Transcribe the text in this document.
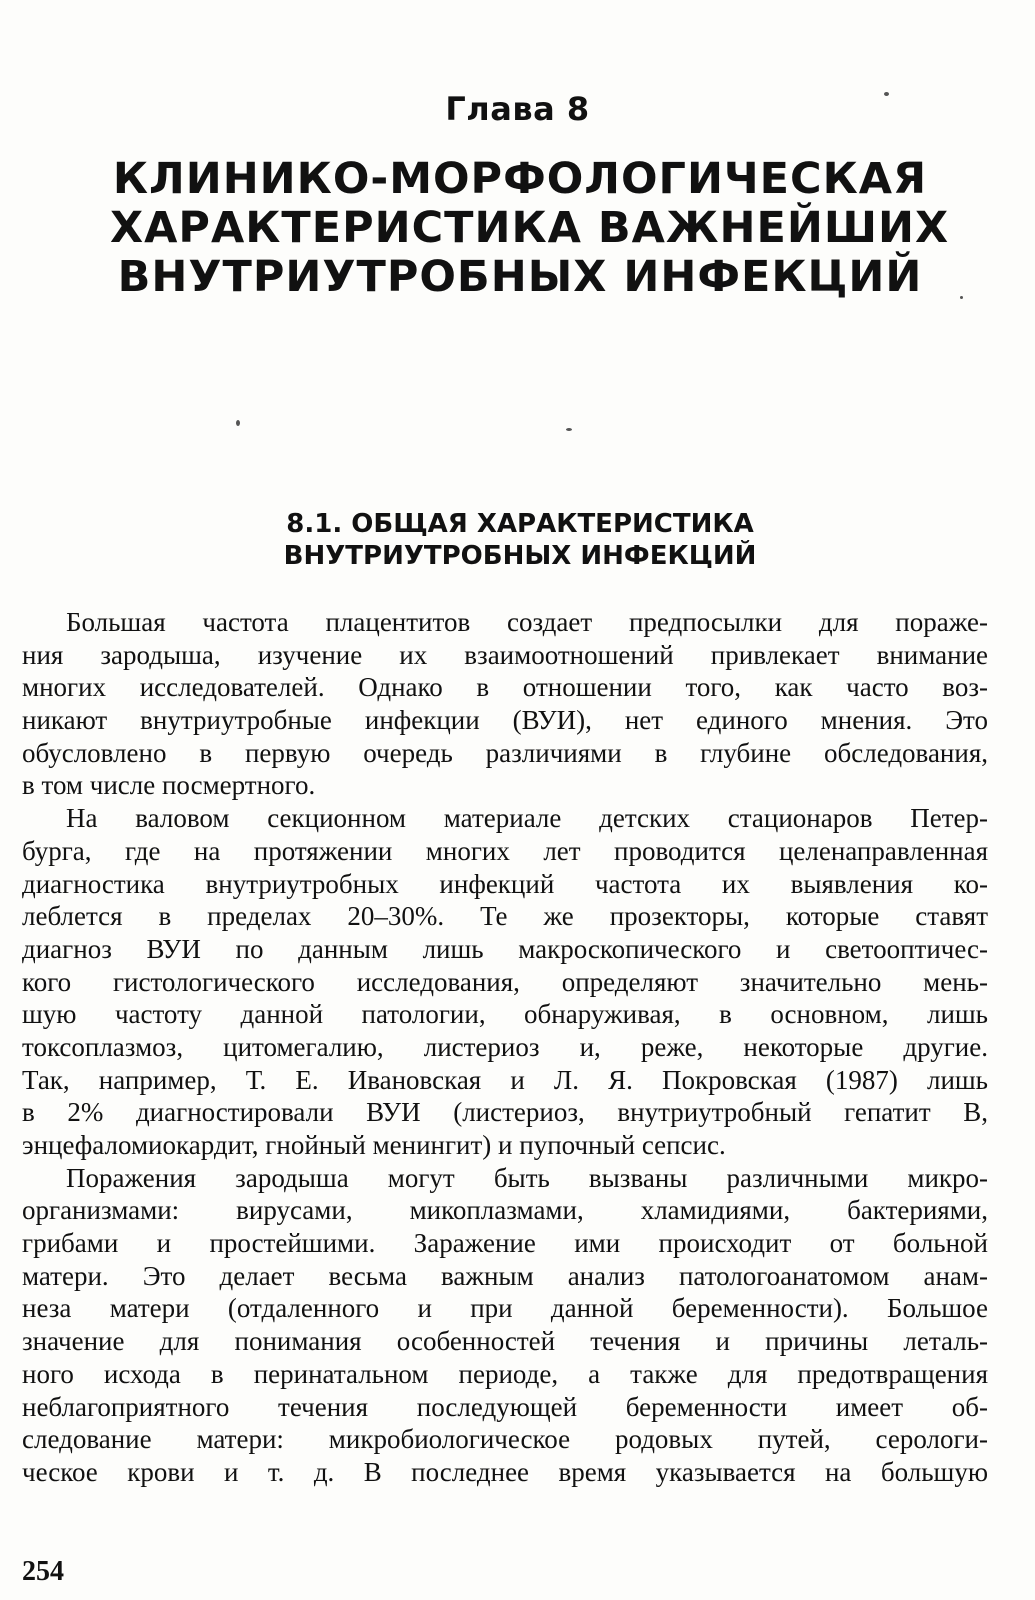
Глава 8
КЛИНИКО-МОРФОЛОГИЧЕСКАЯ
ХАРАКТЕРИСТИКА ВАЖНЕЙШИХ
ВНУТРИУТРОБНЫХ ИНФЕКЦИЙ
8.1. ОБЩАЯ ХАРАКТЕРИСТИКА
ВНУТРИУТРОБНЫХ ИНФЕКЦИЙ
Большая частота плацентитов создает предпосылки для пораже-
ния зародыша, изучение их взаимоотношений привлекает внимание
многих исследователей. Однако в отношении того, как часто воз-
никают внутриутробные инфекции (ВУИ), нет единого мнения. Это
обусловлено в первую очередь различиями в глубине обследования,
в том числе посмертного.
На валовом секционном материале детских стационаров Петер-
бурга, где на протяжении многих лет проводится целенаправленная
диагностика внутриутробных инфекций частота их выявления ко-
леблется в пределах 20–30%. Те же прозекторы, которые ставят
диагноз ВУИ по данным лишь макроскопического и светооптичес-
кого гистологического исследования, определяют значительно мень-
шую частоту данной патологии, обнаруживая, в основном, лишь
токсоплазмоз, цитомегалию, листериоз и, реже, некоторые другие.
Так, например, Т. Е. Ивановская и Л. Я. Покровская (1987) лишь
в 2% диагностировали ВУИ (листериоз, внутриутробный гепатит В,
энцефаломиокардит, гнойный менингит) и пупочный сепсис.
Поражения зародыша могут быть вызваны различными микро-
организмами: вирусами, микоплазмами, хламидиями, бактериями,
грибами и простейшими. Заражение ими происходит от больной
матери. Это делает весьма важным анализ патологоанатомом анам-
неза матери (отдаленного и при данной беременности). Большое
значение для понимания особенностей течения и причины леталь-
ного исхода в перинатальном периоде, а также для предотвращения
неблагоприятного течения последующей беременности имеет об-
следование матери: микробиологическое родовых путей, серологи-
ческое крови и т. д. В последнее время указывается на большую
254
